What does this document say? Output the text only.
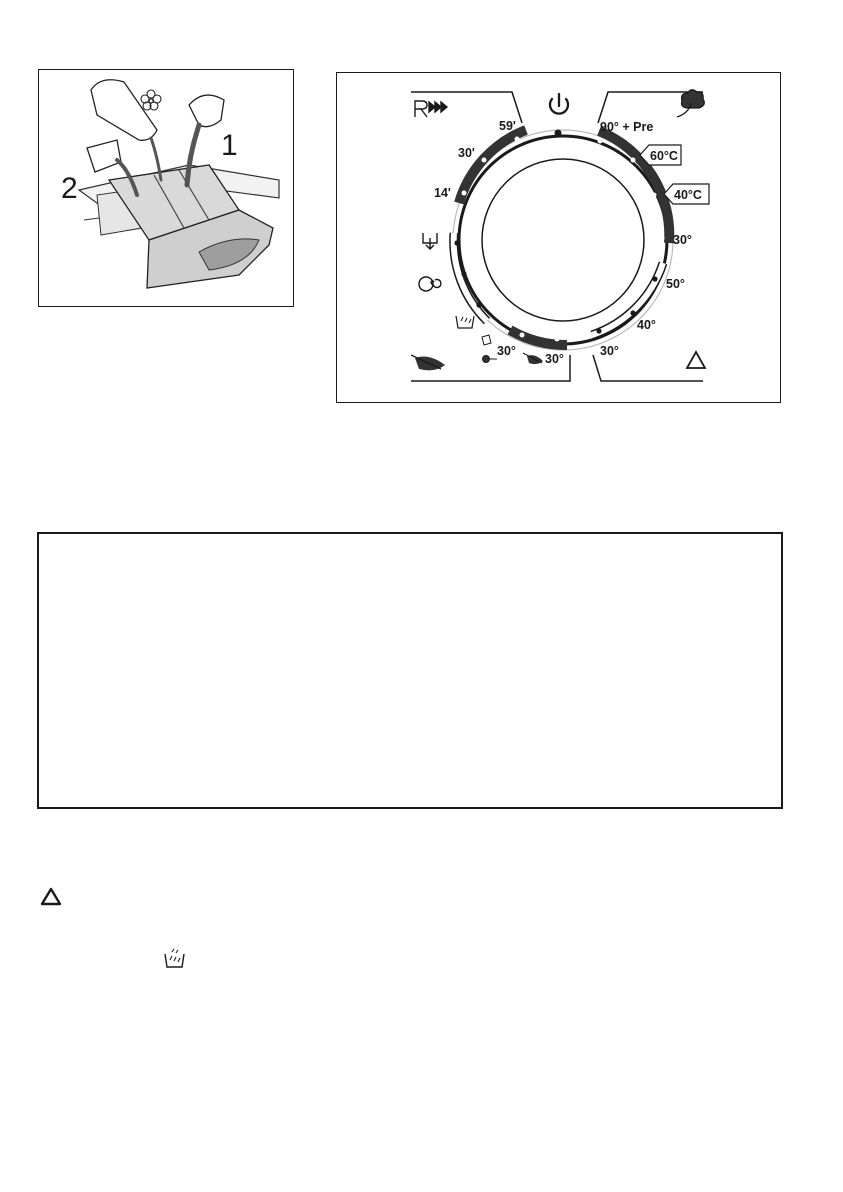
1
2
59'
30'
14'
90° + Pre
60°C
40°C
30°
50°
40°
30°
30°
30°
